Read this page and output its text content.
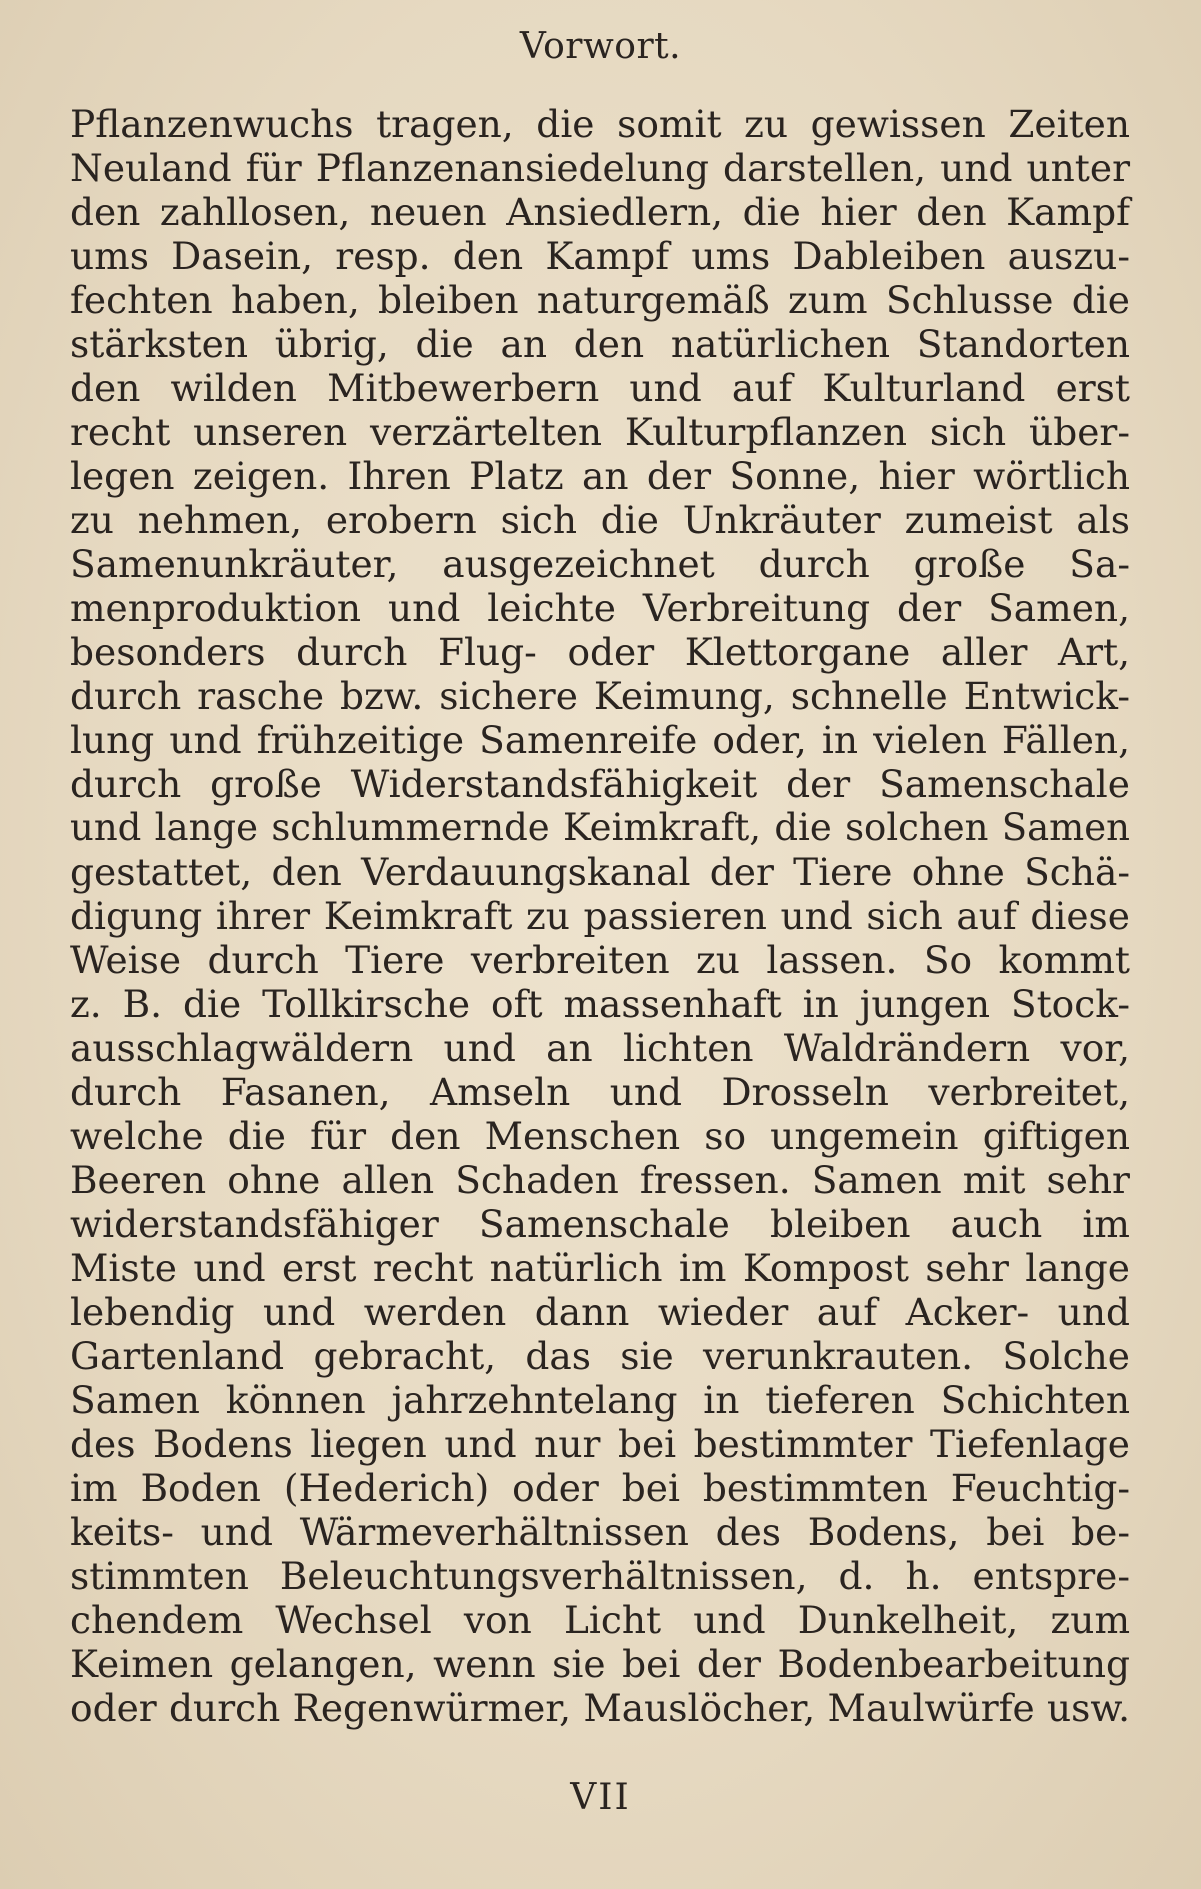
Vorwort.
Pflanzenwuchs tragen, die somit zu gewissen Zeiten
Neuland für Pflanzenansiedelung darstellen, und unter
den zahllosen, neuen Ansiedlern, die hier den Kampf
ums Dasein, resp. den Kampf ums Dableiben auszu-
fechten haben, bleiben naturgemäß zum Schlusse die
stärksten übrig, die an den natürlichen Standorten
den wilden Mitbewerbern und auf Kulturland erst
recht unseren verzärtelten Kulturpflanzen sich über-
legen zeigen. Ihren Platz an der Sonne, hier wörtlich
zu nehmen, erobern sich die Unkräuter zumeist als
Samenunkräuter, ausgezeichnet durch große Sa-
menproduktion und leichte Verbreitung der Samen,
besonders durch Flug- oder Klettorgane aller Art,
durch rasche bzw. sichere Keimung, schnelle Entwick-
lung und frühzeitige Samenreife oder, in vielen Fällen,
durch große Widerstandsfähigkeit der Samenschale
und lange schlummernde Keimkraft, die solchen Samen
gestattet, den Verdauungskanal der Tiere ohne Schä-
digung ihrer Keimkraft zu passieren und sich auf diese
Weise durch Tiere verbreiten zu lassen. So kommt
z. B. die Tollkirsche oft massenhaft in jungen Stock-
ausschlagwäldern und an lichten Waldrändern vor,
durch Fasanen, Amseln und Drosseln verbreitet,
welche die für den Menschen so ungemein giftigen
Beeren ohne allen Schaden fressen. Samen mit sehr
widerstandsfähiger Samenschale bleiben auch im
Miste und erst recht natürlich im Kompost sehr lange
lebendig und werden dann wieder auf Acker- und
Gartenland gebracht, das sie verunkrauten. Solche
Samen können jahrzehntelang in tieferen Schichten
des Bodens liegen und nur bei bestimmter Tiefenlage
im Boden (Hederich) oder bei bestimmten Feuchtig-
keits- und Wärmeverhältnissen des Bodens, bei be-
stimmten Beleuchtungsverhältnissen, d. h. entspre-
chendem Wechsel von Licht und Dunkelheit, zum
Keimen gelangen, wenn sie bei der Bodenbearbeitung
oder durch Regenwürmer, Mauslöcher, Maulwürfe usw.
VII
